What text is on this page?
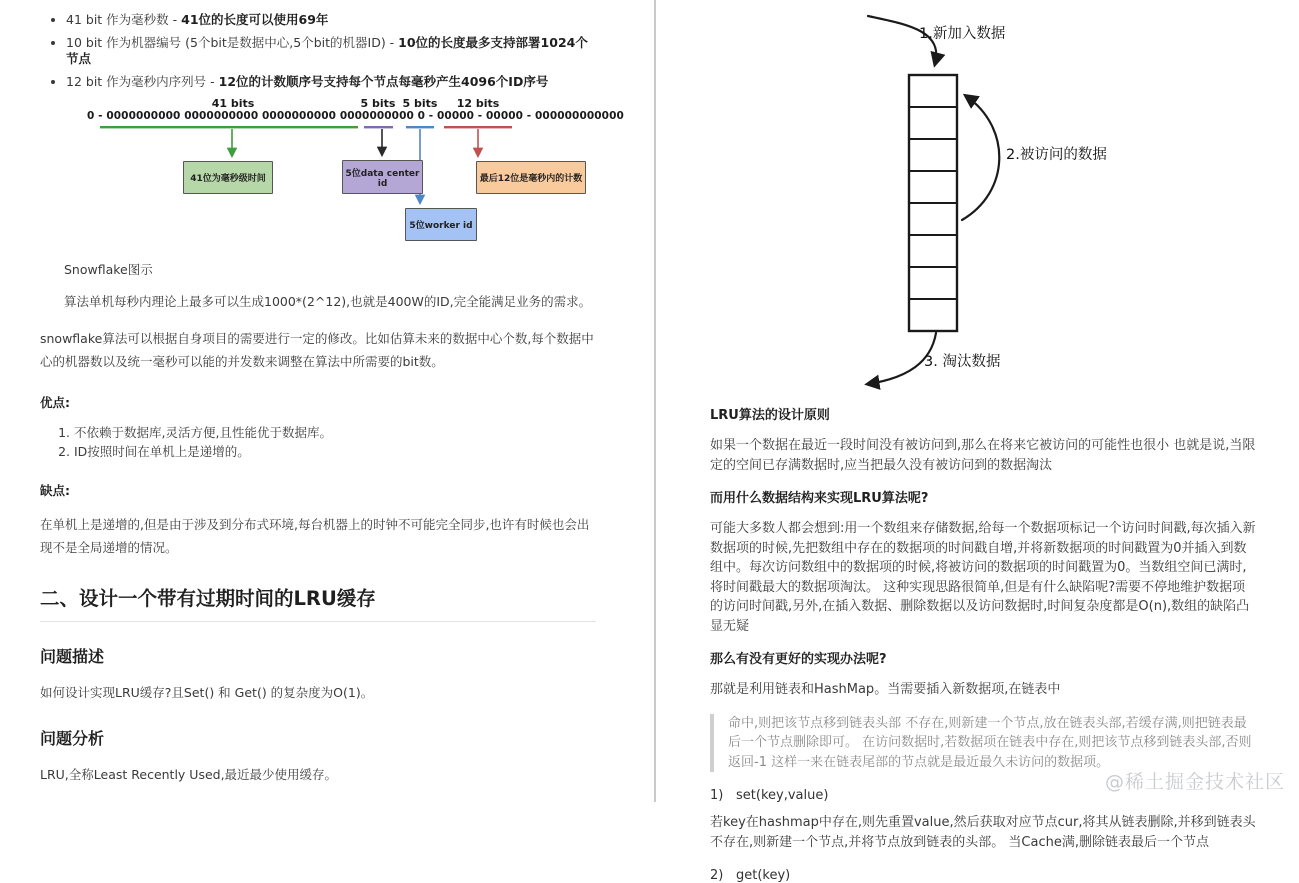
• 41 bit 作为毫秒数 - 41位的长度可以使用69年
• 10 bit 作为机器编号 (5个bit是数据中心,5个bit的机器ID) - 10位的长度最多支持部署1024个节点
• 12 bit 作为毫秒内序列号 - 12位的计数顺序号支持每个节点每毫秒产生4096个ID序号
41 bits	5 bits 5 bits 12 bits
0 - 0000000000 0000000000 0000000000 0000000000 0 - 00000 - 00000 - 000000000000
41位为毫秒级时间
5位data center id	最后12位是毫秒内的计数
5位worker id

Snowflake图示

算法单机每秒内理论上最多可以生成1000*(2^12),也就是400W的ID,完全能满足业务的需求。

snowflake算法可以根据自身项目的需要进行一定的修改。比如估算未来的数据中心个数,每个数据中心的机器数以及统一毫秒可以能的并发数来调整在算法中所需要的bit数。

优点:

1. 不依赖于数据库,灵活方便,且性能优于数据库。
2. ID按照时间在单机上是递增的。

缺点:

在单机上是递增的,但是由于涉及到分布式环境,每台机器上的时钟不可能完全同步,也许有时候也会出现不是全局递增的情况。

二、设计一个带有过期时间的LRU缓存
问题描述

如何设计实现LRU缓存?且Set() 和 Get() 的复杂度为O(1)。

问题分析

LRU,全称Least Recently Used,最近最少使用缓存。

1.新加入数据
2.被访问的数据
3. 淘汰数据

LRU算法的设计原则

如果一个数据在最近一段时间没有被访问到,那么在将来它被访问的可能性也很小 也就是说,当限定的空间已存满数据时,应当把最久没有被访问到的数据淘汰

而用什么数据结构来实现LRU算法呢?

可能大多数人都会想到:用一个数组来存储数据,给每一个数据项标记一个访问时间戳,每次插入新数据项的时候,先把数组中存在的数据项的时间戳自增,并将新数据项的时间戳置为0并插入到数组中。每次访问数组中的数据项的时候,将被访问的数据项的时间戳置为0。当数组空间已满时,将时间戳最大的数据项淘汰。 这种实现思路很简单,但是有什么缺陷呢?需要不停地维护数据项的访问时间戳,另外,在插入数据、删除数据以及访问数据时,时间复杂度都是O(n),数组的缺陷凸显无疑

那么有没有更好的实现办法呢?

那就是利用链表和HashMap。当需要插入新数据项,在链表中

命中,则把该节点移到链表头部 不存在,则新建一个节点,放在链表头部,若缓存满,则把链表最后一个节点删除即可。 在访问数据时,若数据项在链表中存在,则把该节点移到链表头部,否则返回-1 这样一来在链表尾部的节点就是最近最久未访问的数据项。
1) set(key,value)

若key在hashmap中存在,则先重置value,然后获取对应节点cur,将其从链表删除,并移到链表头 不存在,则新建一个节点,并将节点放到链表的头部。 当Cache满,删除链表最后一个节点

2) get(key)
@稀土掘金技术社区
